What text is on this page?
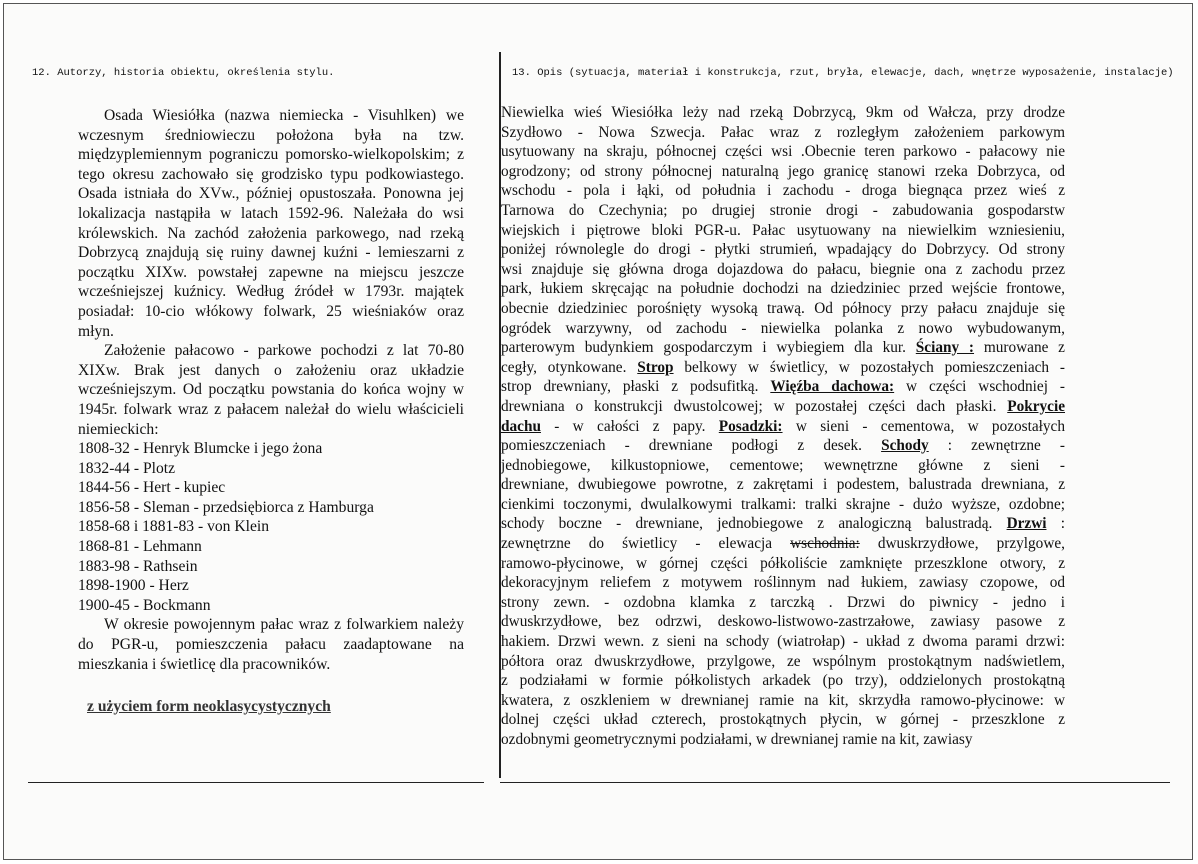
12. Autorzy, historia obiektu, określenia stylu.	13. Opis (sytuacja, materiał i konstrukcja, rzut, bryła, elewacje, dach, wnętrze wyposażenie, instalacje)

Osada Wiesiółka (nazwa niemiecka - Visuhlken) we wczesnym średniowieczu położona była na tzw. międzyplemiennym pograniczu pomorsko-wielkopolskim; z tego okresu zachowało się grodzisko typu podkowiastego. Osada istniała do XVw., później opustoszała. Ponowna jej lokalizacja nastąpiła w latach 1592-96. Należała do wsi królewskich. Na zachód założenia parkowego, nad rzeką Dobrzycą znajdują się ruiny dawnej kuźni - lemieszarni z początku XIXw. powstałej zapewne na miejscu jeszcze wcześniejszej kuźnicy. Według źródeł w 1793r. majątek posiadał: 10-cio włókowy folwark, 25 wieśniaków oraz młyn.

Założenie pałacowo - parkowe pochodzi z lat 70-80 XIXw. Brak jest danych o założeniu oraz układzie wcześniejszym. Od początku powstania do końca wojny w 1945r. folwark wraz z pałacem należał do wielu właścicieli niemieckich:

1808-32 - Henryk Blumcke i jego żona
1832-44 - Plotz
1844-56 - Hert - kupiec
1856-58 - Sleman - przedsiębiorca z Hamburga
1858-68 i 1881-83 - von Klein
1868-81 - Lehmann
1883-98 - Rathsein
1898-1900 - Herz
1900-45 - Bockmann

W okresie powojennym pałac wraz z folwarkiem należy do PGR-u, pomieszczenia pałacu zaadaptowane na mieszkania i świetlicę dla pracowników.

z użyciem form neoklasycystycznych
Niewielka wieś Wiesiółka leży nad rzeką Dobrzycą, 9km od Wałcza, przy drodze
Szydłowo - Nowa Szwecja. Pałac wraz z rozległym założeniem parkowym
usytuowany na skraju, północnej części wsi .Obecnie teren parkowo - pałacowy nie
ogrodzony; od strony północnej naturalną jego granicę stanowi rzeka Dobrzyca, od
wschodu - pola i łąki, od południa i zachodu - droga biegnąca przez wieś z
Tarnowa do Czechynia; po drugiej stronie drogi - zabudowania gospodarstw
wiejskich i piętrowe bloki PGR-u. Pałac usytuowany na niewielkim wzniesieniu,
poniżej równolegle do drogi - płytki strumień, wpadający do Dobrzycy. Od strony
wsi znajduje się główna droga dojazdowa do pałacu, biegnie ona z zachodu przez
park, łukiem skręcając na południe dochodzi na dziedziniec przed wejście frontowe,
obecnie dziedziniec porośnięty wysoką trawą. Od północy przy pałacu znajduje się
ogródek warzywny, od zachodu - niewielka polanka z nowo wybudowanym,
parterowym budynkiem gospodarczym i wybiegiem dla kur. Ściany : murowane z
cegły, otynkowane. Strop belkowy w świetlicy, w pozostałych pomieszczeniach -
strop drewniany, płaski z podsufitką. Więźba dachowa: w części wschodniej -
drewniana o konstrukcji dwustolcowej; w pozostałej części dach płaski. Pokrycie
dachu - w całości z papy. Posadzki: w sieni - cementowa, w pozostałych
pomieszczeniach - drewniane podłogi z desek. Schody : zewnętrzne -
jednobiegowe, kilkustopniowe, cementowe; wewnętrzne główne z sieni -
drewniane, dwubiegowe powrotne, z zakrętami i podestem, balustrada drewniana, z
cienkimi toczonymi, dwulalkowymi tralkami: tralki skrajne - dużo wyższe, ozdobne;
schody boczne - drewniane, jednobiegowe z analogiczną balustradą. Drzwi :
zewnętrzne do świetlicy - elewacja wschodnia: dwuskrzydłowe, przylgowe,
ramowo-płycinowe, w górnej części półkoliście zamknięte przeszklone otwory, z
dekoracyjnym reliefem z motywem roślinnym nad łukiem, zawiasy czopowe, od
strony zewn. - ozdobna klamka z tarczką . Drzwi do piwnicy - jedno i
dwuskrzydłowe, bez odrzwi, deskowo-listwowo-zastrzałowe, zawiasy pasowe z
hakiem. Drzwi wewn. z sieni na schody (wiatrołap) - układ z dwoma parami drzwi:
półtora oraz dwuskrzydłowe, przylgowe, ze wspólnym prostokątnym nadświetlem,
z podziałami w formie półkolistych arkadek (po trzy), oddzielonych prostokątną
kwatera, z oszkleniem w drewnianej ramie na kit, skrzydła ramowo-płycinowe: w
dolnej części układ czterech, prostokątnych płycin, w górnej - przeszklone z
ozdobnymi geometrycznymi podziałami, w drewnianej ramie na kit, zawiasy
